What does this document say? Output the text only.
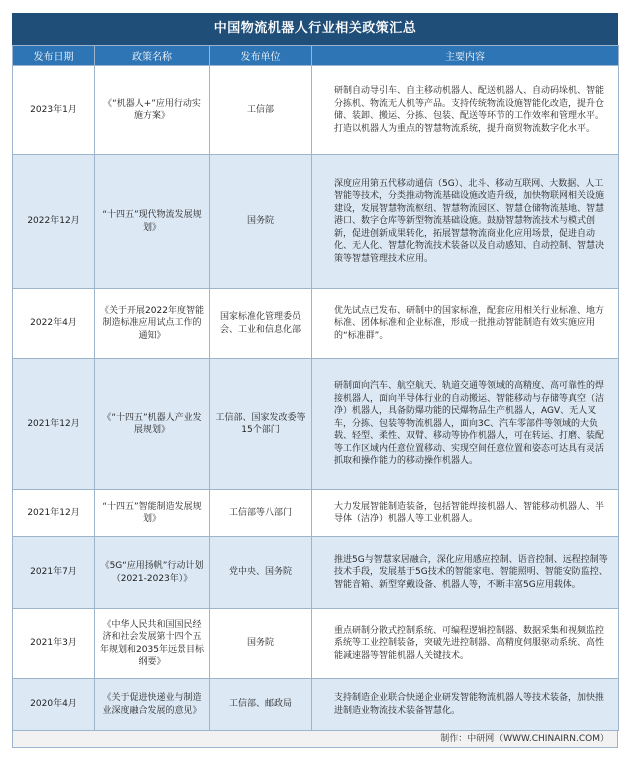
中国物流机器人行业相关政策汇总
发布日期	政策名称	发布单位	主要内容
2023年1月	《“机器人+”应用行动实施方案》	工信部	研制自动导引车、自主移动机器人、配送机器人、自动码垛机、智能分拣机、物流无人机等产品。支持传统物流设施智能化改造，提升仓储、装卸、搬运、分拣、包装、配送等环节的工作效率和管理水平。打造以机器人为重点的智慧物流系统，提升商贸物流数字化水平。
2022年12月	“十四五”现代物流发展规划》	国务院	深度应用第五代移动通信（5G）、北斗、移动互联网、大数据、人工智能等技术，分类推动物流基础设施改造升级，加快物联网相关设施建设，发展智慧物流枢纽、智慧物流园区、智慧仓储物流基地、智慧港口、数字仓库等新型物流基础设施。鼓励智慧物流技术与模式创新，促进创新成果转化，拓展智慧物流商业化应用场景，促进自动化、无人化、智慧化物流技术装备以及自动感知、自动控制、智慧决策等智慧管理技术应用。
2022年4月	《关于开展2022年度智能制造标准应用试点工作的通知》	国家标准化管理委员会、工业和信息化部	优先试点已发布、研制中的国家标准，配套应用相关行业标准、地方标准、团体标准和企业标准，形成一批推动智能制造有效实施应用的“标准群”。
2021年12月	《“十四五”机器人产业发展规划》	工信部、国家发改委等15个部门	研制面向汽车、航空航天、轨道交通等领域的高精度、高可靠性的焊接机器人，面向半导体行业的自动搬运、智能移动与存储等真空（洁净）机器人，具备防爆功能的民爆物品生产机器人，AGV、无人叉车，分拣、包装等物流机器人，面向3C、汽车零部件等领域的大负载、轻型、柔性、双臂、移动等协作机器人，可在转运、打磨、装配等工作区域内任意位置移动、实现空间任意位置和姿态可达具有灵活抓取和操作能力的移动操作机器人。
2021年12月	“十四五”智能制造发展规划》	工信部等八部门	大力发展智能制造装备，包括智能焊接机器人、智能移动机器人、半导体（洁净）机器人等工业机器人。
2021年7月	《5G“应用扬帆”行动计划（2021-2023年）》	党中央、国务院	推进5G与智慧家居融合，深化应用感应控制、语音控制、远程控制等技术手段，发展基于5G技术的智能家电、智能照明、智能安防监控、智能音箱、新型穿戴设备、机器人等，不断丰富5G应用载体。
2021年3月	《中华人民共和国国民经济和社会发展第十四个五年规划和2035年远景目标纲要》	国务院	重点研制分散式控制系统、可编程逻辑控制器、数据采集和视频监控系统等工业控制装备，突破先进控制器、高精度伺服驱动系统、高性能减速器等智能机器人关键技术。
2020年4月	《关于促进快递业与制造业深度融合发展的意见》	工信部、邮政局	支持制造企业联合快递企业研发智能物流机器人等技术装备，加快推进制造业物流技术装备智慧化。
制作：中研网（WWW.CHINAIRN.COM）
